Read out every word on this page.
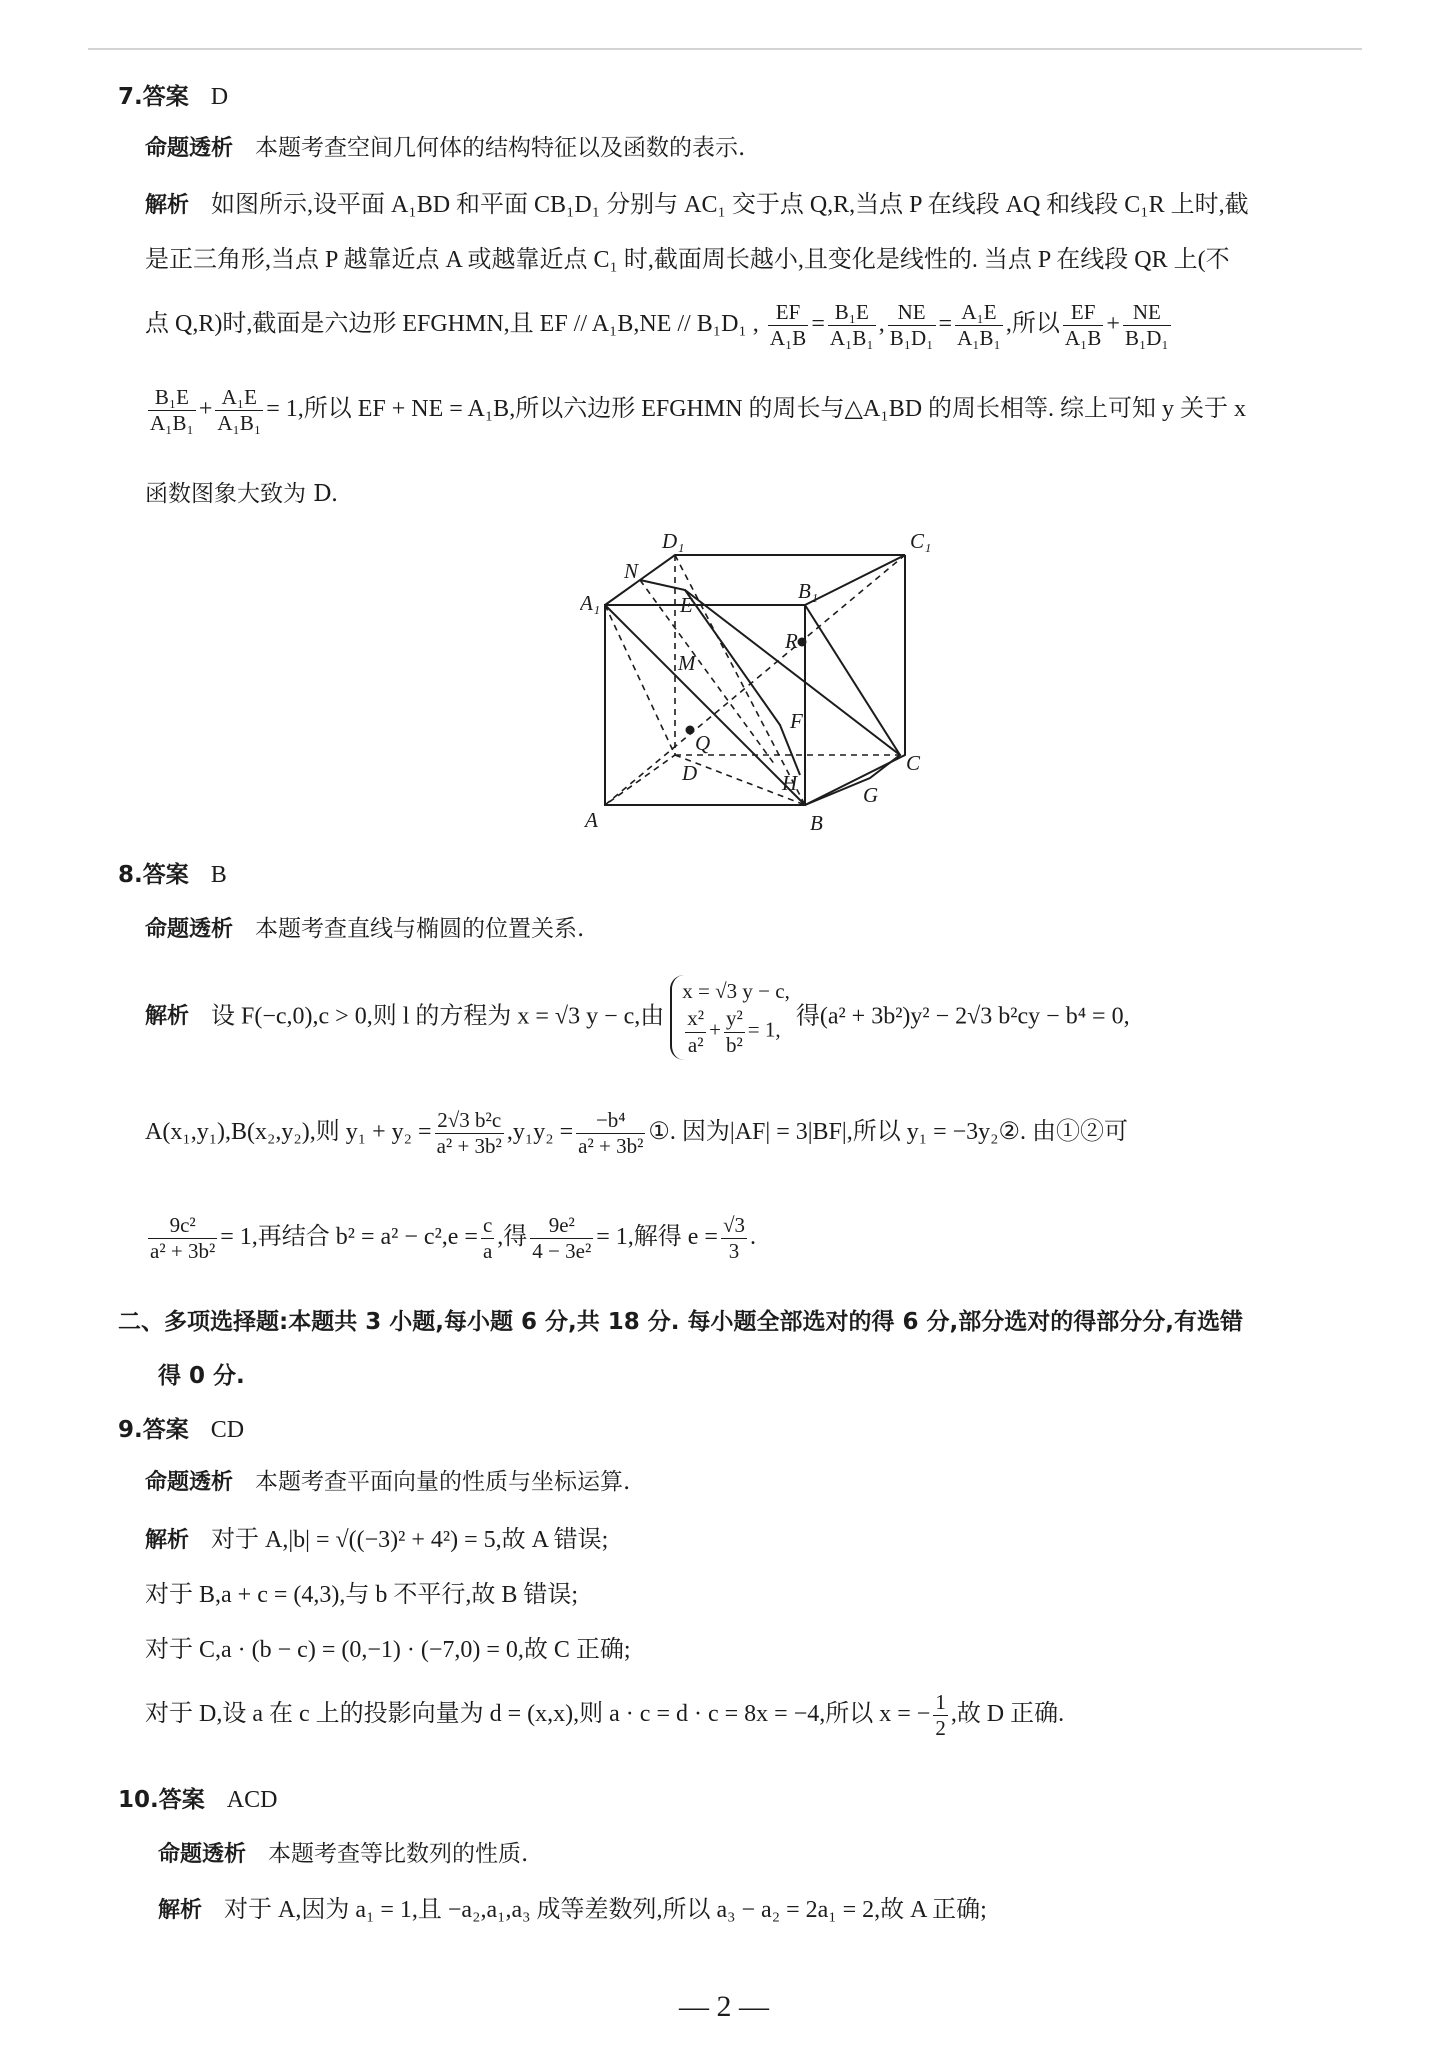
7.答案 D
命题透析 本题考查空间几何体的结构特征以及函数的表示.
解析 如图所示,设平面 A₁BD 和平面 CB₁D₁ 分别与 AC₁ 交于点 Q,R,当点 P 在线段 AQ 和线段 C₁R 上时,截
是正三角形,当点 P 越靠近点 A 或越靠近点 C₁ 时,截面周长越小,且变化是线性的. 当点 P 在线段 QR 上(不
点 Q,R)时,截面是六边形 EFGHMN,且 EF // A₁B,NE // B₁D₁ , $\frac{EF}{\text{A₁B}} = \frac{\text{B₁E}}{\text{A₁B₁}}$ , $\frac{NE}{\text{B₁D₁}} = \frac{\text{A₁E}}{\text{A₁B₁}}$ ,所以 $\frac{EF}{\text{A₁B}} + \frac{NE}{\text{B₁D₁}}$
$\frac{\text{B₁E}}{\text{A₁B₁}} + \frac{\text{A₁E}}{\text{A₁B₁}} = 1$,所以 EF + NE = A₁B,所以六边形 EFGHMN 的周长与△A₁BD 的周长相等. 综上可知 y 关于 x
函数图象大致为 D.
D₁	C₁
N
B₁
A₁	E
R
M
F
Q
C
D	H	G
A	B
8.答案 B
命题透析 本题考查直线与椭圆的位置关系.
解析 设 F(−c,0),c > 0,则 l 的方程为 x = √3 y − c,由
x = √3 y − c,
$\frac{\text{x²}}{\text{a²}} + \frac{\text{y²}}{\text{b²}} = 1$,
得(a² + 3b²)y² − 2√3 b²cy − b⁴ = 0,
A(x₁,y₁),B(x₂,y₂),则 $y_1 + y_2 = \frac{\text{2√3 b²c}}{\text{a² + 3b²}} ,y_1y_2 = \frac{\text{−b⁴}}{\text{a² + 3b²}}$ ①. 因为|AF| = 3|BF|,所以 y₁ = −3y₂②. 由①②可
$\frac{\text{9c²}}{\text{a² + 3b²}} = 1$,再结合 $b^2 = a^2 - c^2,e = \frac{c}{a}$ ,得 $\frac{\text{9e²}}{\text{4 − 3e²}} = 1$,解得 $e = \frac{√3}{3}$ .
二、多项选择题:本题共 3 小题,每小题 6 分,共 18 分. 每小题全部选对的得 6 分,部分选对的得部分分,有选错
得 0 分.
9.答案 CD
命题透析 本题考查平面向量的性质与坐标运算.
解析 对于 A,|b| = √((−3)² + 4²) = 5,故 A 错误;
对于 B,a + c = (4,3),与 b 不平行,故 B 错误;
对于 C,a · (b − c) = (0,−1) · (−7,0) = 0,故 C 正确;
对于 D,设 a 在 c 上的投影向量为 d = (x,x),则 a · c = d · c = 8x = −4,所以 x = − $\frac{1}{2}$ ,故 D 正确.
10.答案 ACD
命题透析 本题考查等比数列的性质.
解析 对于 A,因为 a₁ = 1,且 −a₂,a₁,a₃ 成等差数列,所以 a₃ − a₂ = 2a₁ = 2,故 A 正确;
— 2 —
